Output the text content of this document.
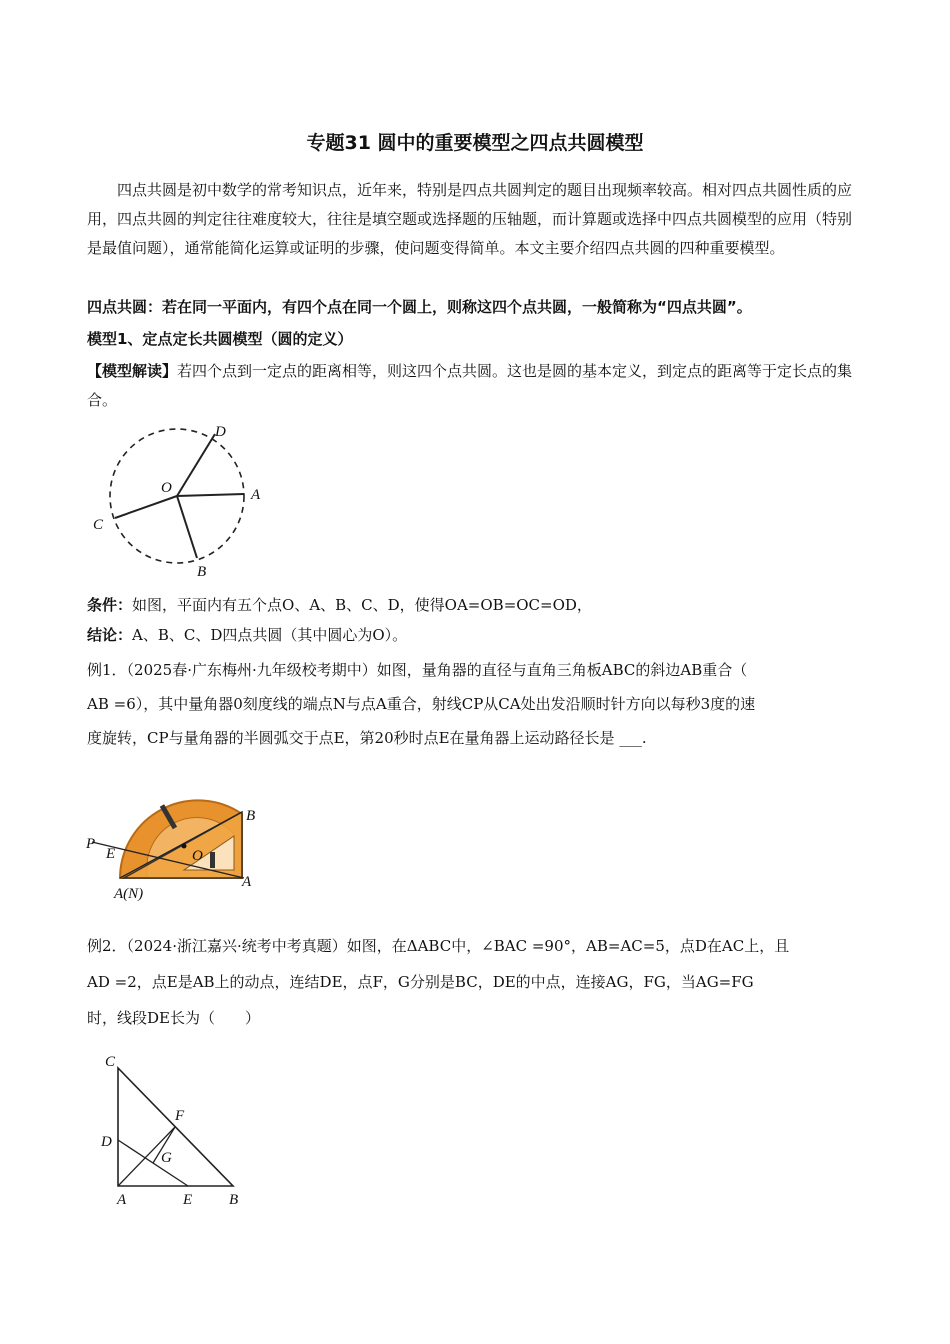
专题31 圆中的重要模型之四点共圆模型
四点共圆是初中数学的常考知识点，近年来，特别是四点共圆判定的题目出现频率较高。相对四点共圆性质的应用，四点共圆的判定往往难度较大，往往是填空题或选择题的压轴题，而计算题或选择中四点共圆模型的应用（特别是最值问题），通常能简化运算或证明的步骤，使问题变得简单。本文主要介绍四点共圆的四种重要模型。
四点共圆：若在同一平面内，有四个点在同一个圆上，则称这四个点共圆，一般简称为“四点共圆”。
模型1、定点定长共圆模型（圆的定义）
【模型解读】若四个点到一定点的距离相等，则这四个点共圆。这也是圆的基本定义，到定点的距离等于定长点的集合。
D
O	A
C
B
条件：如图，平面内有五个点O、A、B、C、D，使得OA=OB=OC=OD，
结论：A、B、C、D四点共圆（其中圆心为O）。
例1．（2025春·广东梅州·九年级校考期中）如图，量角器的直径与直角三角板ABC的斜边AB重合（
AB =6），其中量角器0刻度线的端点N与点A重合，射线CP从CA处出发沿顺时针方向以每秒3度的速
度旋转，CP与量角器的半圆弧交于点E，第20秒时点E在量角器上运动路径长是 ___.
B
P
E	O
A
A(N)
例2．（2024·浙江嘉兴·统考中考真题）如图，在ΔABC中，∠BAC =90°，AB=AC=5，点D在AC上，且
AD =2，点E是AB上的动点，连结DE，点F，G分别是BC，DE的中点，连接AG，FG，当AG=FG
时，线段DE长为（　　）
C
F
D
G
A	E B
